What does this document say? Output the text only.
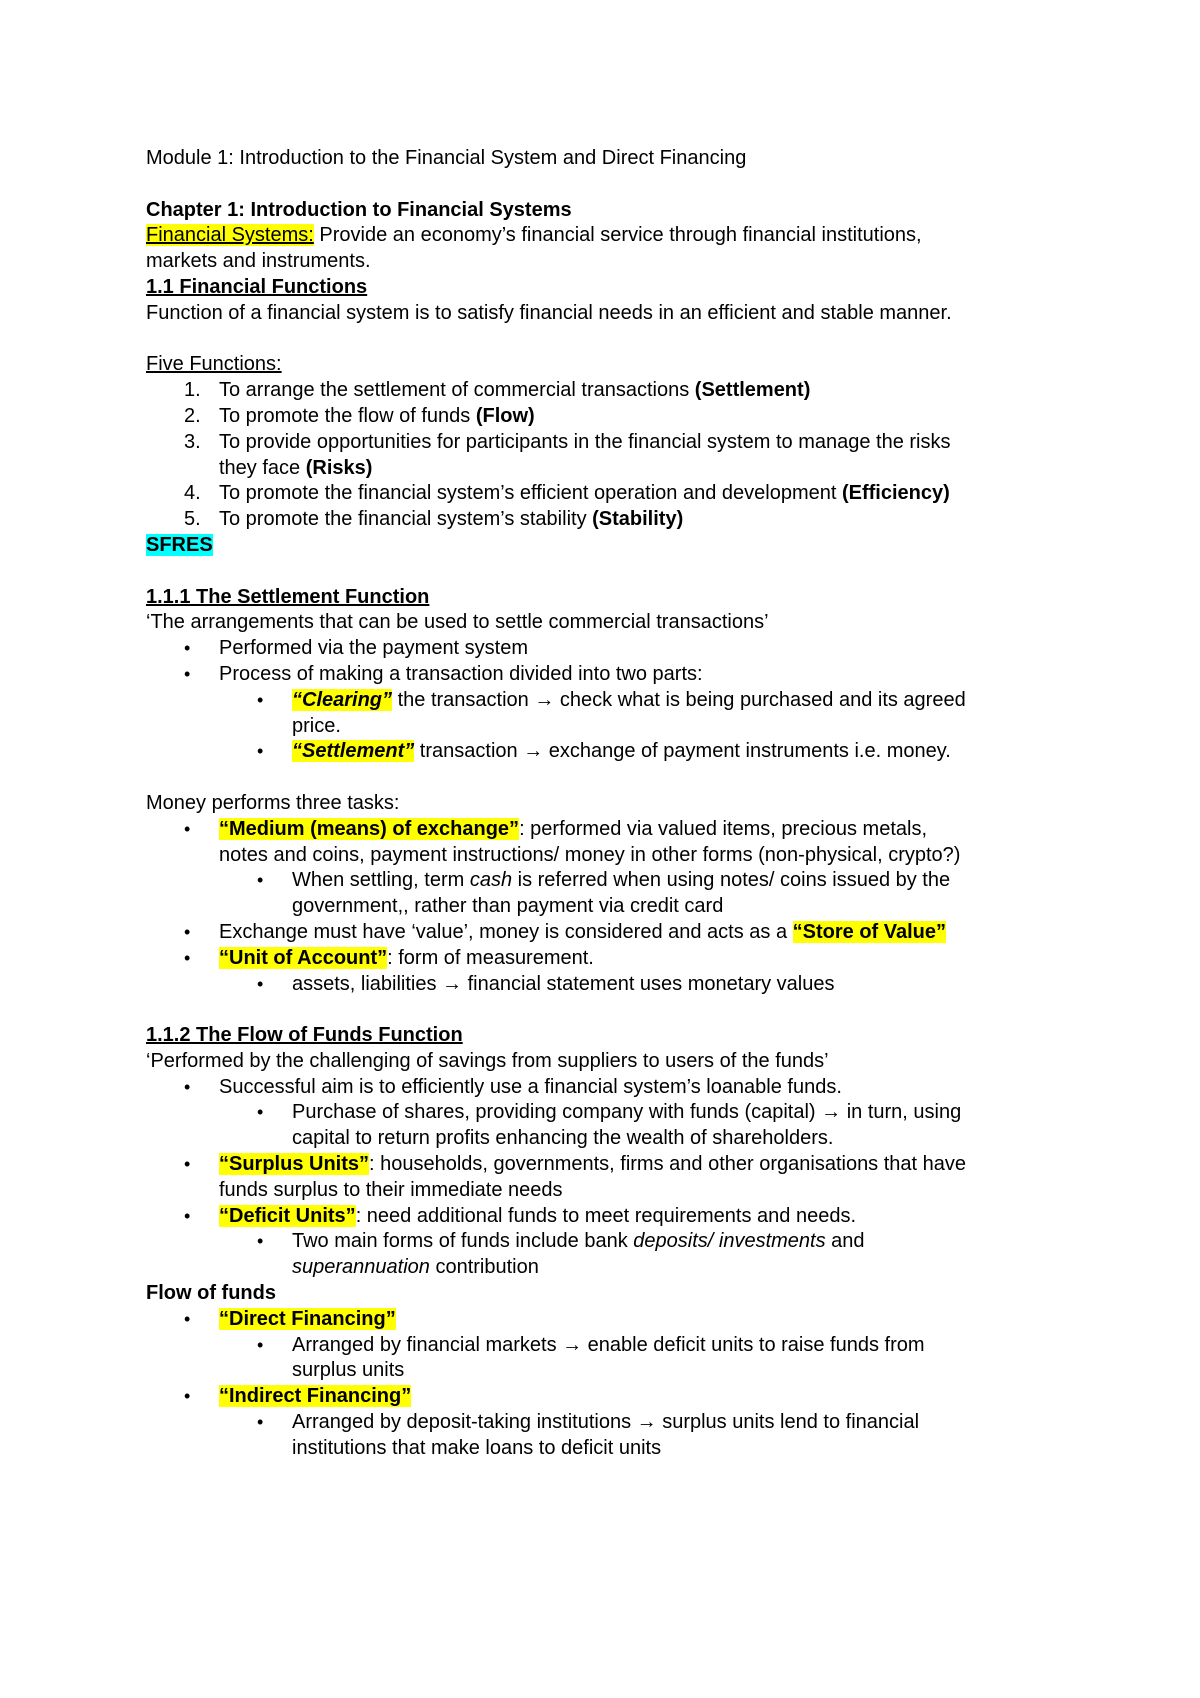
Module 1: Introduction to the Financial System and Direct Financing
Chapter 1: Introduction to Financial Systems
Financial Systems: Provide an economy’s financial service through financial institutions,
markets and instruments.
1.1 Financial Functions
Function of a financial system is to satisfy financial needs in an efficient and stable manner.
Five Functions:
1. To arrange the settlement of commercial transactions (Settlement)
2. To promote the flow of funds (Flow)
3. To provide opportunities for participants in the financial system to manage the risks
they face (Risks)
4. To promote the financial system’s efficient operation and development (Efficiency)
5. To promote the financial system’s stability (Stability)
SFRES
1.1.1 The Settlement Function
‘The arrangements that can be used to settle commercial transactions’
• Performed via the payment system
• Process of making a transaction divided into two parts:
• “Clearing” the transaction → check what is being purchased and its agreed
price.
• “Settlement” transaction → exchange of payment instruments i.e. money.
Money performs three tasks:
• “Medium (means) of exchange”: performed via valued items, precious metals,
notes and coins, payment instructions/ money in other forms (non-physical, crypto?)
• When settling, term cash is referred when using notes/ coins issued by the
government,, rather than payment via credit card
• Exchange must have ‘value’, money is considered and acts as a “Store of Value”
• “Unit of Account”: form of measurement.
• assets, liabilities → financial statement uses monetary values
1.1.2 The Flow of Funds Function
‘Performed by the challenging of savings from suppliers to users of the funds’
• Successful aim is to efficiently use a financial system’s loanable funds.
• Purchase of shares, providing company with funds (capital) → in turn, using
capital to return profits enhancing the wealth of shareholders.
• “Surplus Units”: households, governments, firms and other organisations that have
funds surplus to their immediate needs
• “Deficit Units”: need additional funds to meet requirements and needs.
• Two main forms of funds include bank deposits/ investments and
superannuation contribution
Flow of funds
• “Direct Financing”
• Arranged by financial markets → enable deficit units to raise funds from
surplus units
• “Indirect Financing”
• Arranged by deposit-taking institutions → surplus units lend to financial
institutions that make loans to deficit units
